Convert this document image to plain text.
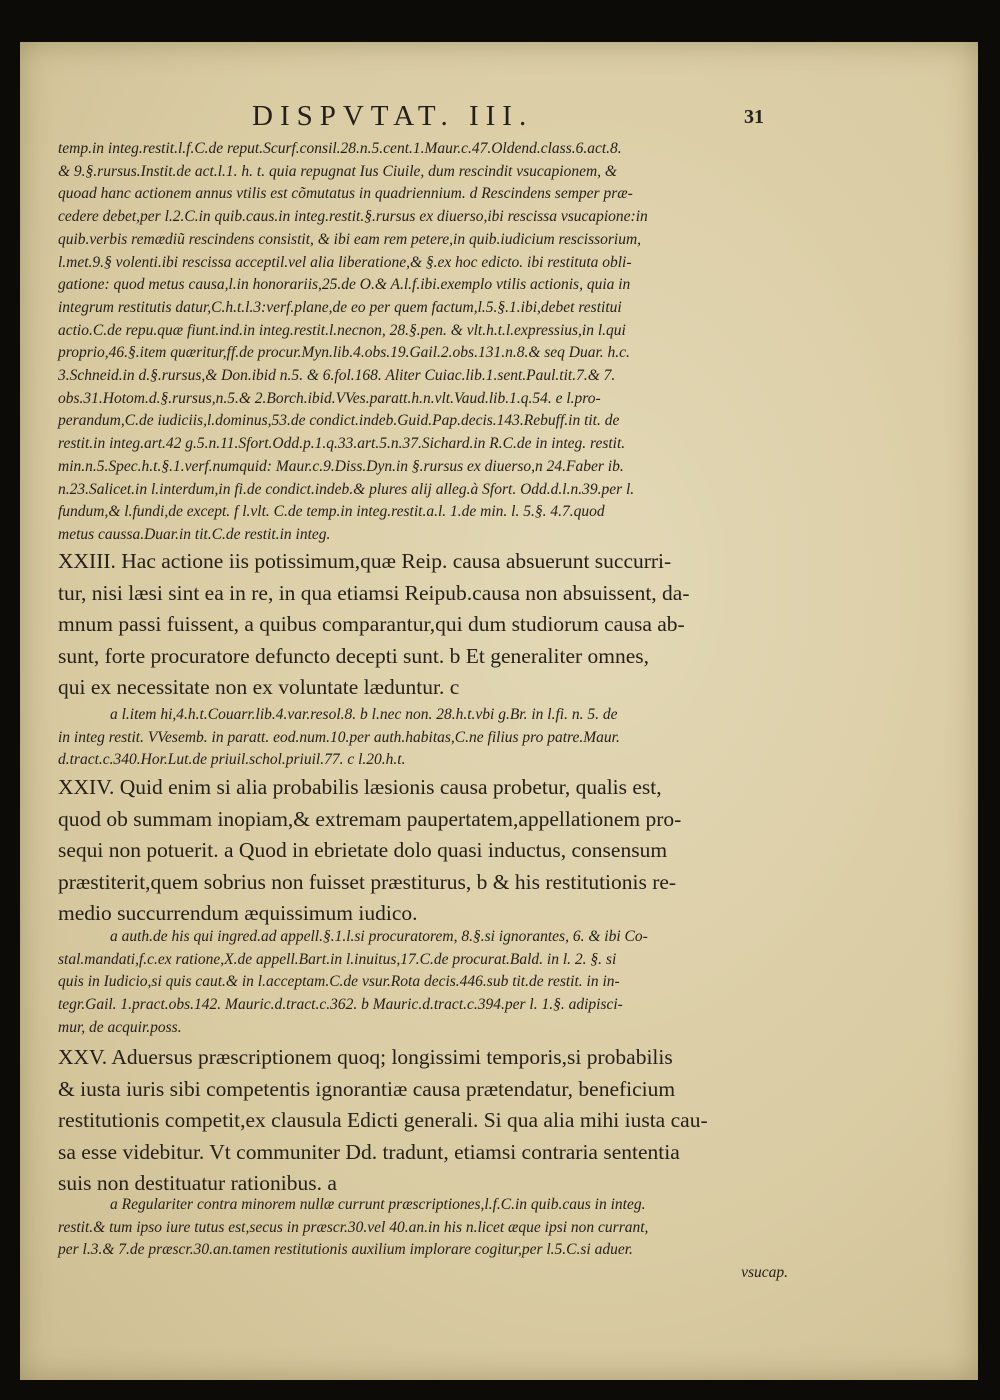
DISPVTAT. III.	31
temp.in integ.restit.l.f.C.de reput.Scurf.consil.28.n.5.cent.1.Maur.c.47.Oldend.class.6.act.8.
& 9.§.rursus.Instit.de act.l.1. h. t. quia repugnat Ius Ciuile, dum rescindit vsucapionem, &
quoad hanc actionem annus vtilis est cõmutatus in quadriennium. d Rescindens semper præ-
cedere debet,per l.2.C.in quib.caus.in integ.restit.§.rursus ex diuerso,ibi rescissa vsucapione:in
quib.verbis remædiũ rescindens consistit, & ibi eam rem petere,in quib.iudicium rescissorium,
l.met.9.§ volenti.ibi rescissa acceptil.vel alia liberatione,& §.ex hoc edicto. ibi restituta obli-
gatione: quod metus causa,l.in honorariis,25.de O.& A.l.f.ibi.exemplo vtilis actionis, quia in
integrum restitutis datur,C.h.t.l.3:verf.plane,de eo per quem factum,l.5.§.1.ibi,debet restitui
actio.C.de repu.quæ fiunt.ind.in integ.restit.l.necnon, 28.§.pen. & vlt.h.t.l.expressius,in l.qui
proprio,46.§.item quæritur,ff.de procur.Myn.lib.4.obs.19.Gail.2.obs.131.n.8.& seq Duar. h.c.
3.Schneid.in d.§.rursus,& Don.ibid n.5. & 6.fol.168. Aliter Cuiac.lib.1.sent.Paul.tit.7.& 7.
obs.31.Hotom.d.§.rursus,n.5.& 2.Borch.ibid.VVes.paratt.h.n.vlt.Vaud.lib.1.q.54. e l.pro-
perandum,C.de iudiciis,l.dominus,53.de condict.indeb.Guid.Pap.decis.143.Rebuff.in tit. de
restit.in integ.art.42 g.5.n.11.Sfort.Odd.p.1.q.33.art.5.n.37.Sichard.in R.C.de in integ. restit.
min.n.5.Spec.h.t.§.1.verf.numquid: Maur.c.9.Diss.Dyn.in §.rursus ex diuerso,n 24.Faber ib.
n.23.Salicet.in l.interdum,in fi.de condict.indeb.& plures alij alleg.à Sfort. Odd.d.l.n.39.per l.
fundum,& l.fundi,de except. f l.vlt. C.de temp.in integ.restit.a.l. 1.de min. l. 5.§. 4.7.quod
metus caussa.Duar.in tit.C.de restit.in integ.
XXIII. Hac actione iis potissimum,quæ Reip. causa absuerunt succurri-
tur, nisi læsi sint ea in re, in qua etiamsi Reipub.causa non absuissent, da-
mnum passi fuissent, a quibus comparantur,qui dum studiorum causa ab-
sunt, forte procuratore defuncto decepti sunt. b Et generaliter omnes,
qui ex necessitate non ex voluntate læduntur. c
a l.item hi,4.h.t.Couarr.lib.4.var.resol.8. b l.nec non. 28.h.t.vbi g.Br. in l.fi. n. 5. de
in integ restit. VVesemb. in paratt. eod.num.10.per auth.habitas,C.ne filius pro patre.Maur.
d.tract.c.340.Hor.Lut.de priuil.schol.priuil.77. c l.20.h.t.
XXIV. Quid enim si alia probabilis læsionis causa probetur, qualis est,
quod ob summam inopiam,& extremam paupertatem,appellationem pro-
sequi non potuerit. a Quod in ebrietate dolo quasi inductus, consensum
præstiterit,quem sobrius non fuisset præstiturus, b & his restitutionis re-
medio succurrendum æquissimum iudico.
a auth.de his qui ingred.ad appell.§.1.l.si procuratorem, 8.§.si ignorantes, 6. & ibi Co-
stal.mandati,f.c.ex ratione,X.de appell.Bart.in l.inuitus,17.C.de procurat.Bald. in l. 2. §. si
quis in Iudicio,si quis caut.& in l.acceptam.C.de vsur.Rota decis.446.sub tit.de restit. in in-
tegr.Gail. 1.pract.obs.142. Mauric.d.tract.c.362. b Mauric.d.tract.c.394.per l. 1.§. adipisci-
mur, de acquir.poss.
XXV. Aduersus præscriptionem quoq; longissimi temporis,si probabilis
& iusta iuris sibi competentis ignorantiæ causa prætendatur, beneficium
restitutionis competit,ex clausula Edicti generali. Si qua alia mihi iusta cau-
sa esse videbitur. Vt communiter Dd. tradunt, etiamsi contraria sententia
suis non destituatur rationibus. a
a Regulariter contra minorem nullæ currunt præscriptiones,l.f.C.in quib.caus in integ.
restit.& tum ipso iure tutus est,secus in præscr.30.vel 40.an.in his n.licet æque ipsi non currant,
per l.3.& 7.de præscr.30.an.tamen restitutionis auxilium implorare cogitur,per l.5.C.si aduer.
vsucap.
